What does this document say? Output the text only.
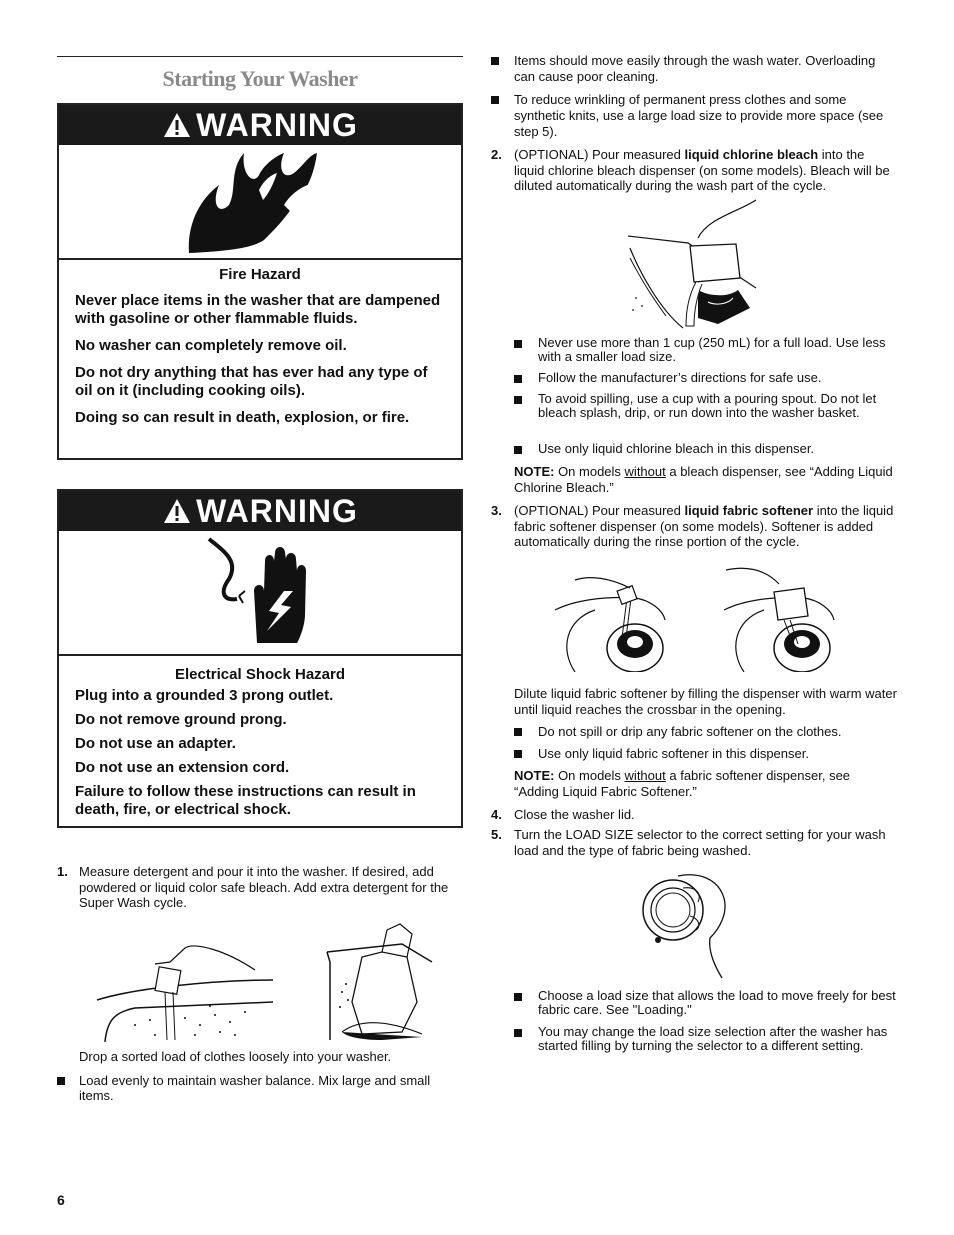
Starting Your Washer
WARNING
Fire Hazard

Never place items in the washer that are dampened with gasoline or other flammable fluids.

No washer can completely remove oil.

Do not dry anything that has ever had any type of oil on it (including cooking oils).

Doing so can result in death, explosion, or fire.

WARNING
Electrical Shock Hazard

Plug into a grounded 3 prong outlet.

Do not remove ground prong.

Do not use an adapter.

Do not use an extension cord.

Failure to follow these instructions can result in death, fire, or electrical shock.

1. Measure detergent and pour it into the washer. If desired, add powdered or liquid color safe bleach. Add extra detergent for the Super Wash cycle.
Drop a sorted load of clothes loosely into your washer.
Load evenly to maintain washer balance. Mix large and small items.
6
Items should move easily through the wash water. Overloading can cause poor cleaning.
To reduce wrinkling of permanent press clothes and some synthetic knits, use a large load size to provide more space (see step 5).
2. (OPTIONAL) Pour measured liquid chlorine bleach into the liquid chlorine bleach dispenser (on some models). Bleach will be diluted automatically during the wash part of the cycle.
Never use more than 1 cup (250 mL) for a full load. Use less with a smaller load size.
Follow the manufacturer’s directions for safe use.
To avoid spilling, use a cup with a pouring spout. Do not let bleach splash, drip, or run down into the washer basket.
Use only liquid chlorine bleach in this dispenser.
NOTE: On models without a bleach dispenser, see “Adding Liquid Chlorine Bleach.”
3. (OPTIONAL) Pour measured liquid fabric softener into the liquid fabric softener dispenser (on some models). Softener is added automatically during the rinse portion of the cycle.
Dilute liquid fabric softener by filling the dispenser with warm water until liquid reaches the crossbar in the opening.
Do not spill or drip any fabric softener on the clothes.
Use only liquid fabric softener in this dispenser.
NOTE: On models without a fabric softener dispenser, see “Adding Liquid Fabric Softener.”
4. Close the washer lid.
5. Turn the LOAD SIZE selector to the correct setting for your wash load and the type of fabric being washed.
Choose a load size that allows the load to move freely for best fabric care. See "Loading."
You may change the load size selection after the washer has started filling by turning the selector to a different setting.
